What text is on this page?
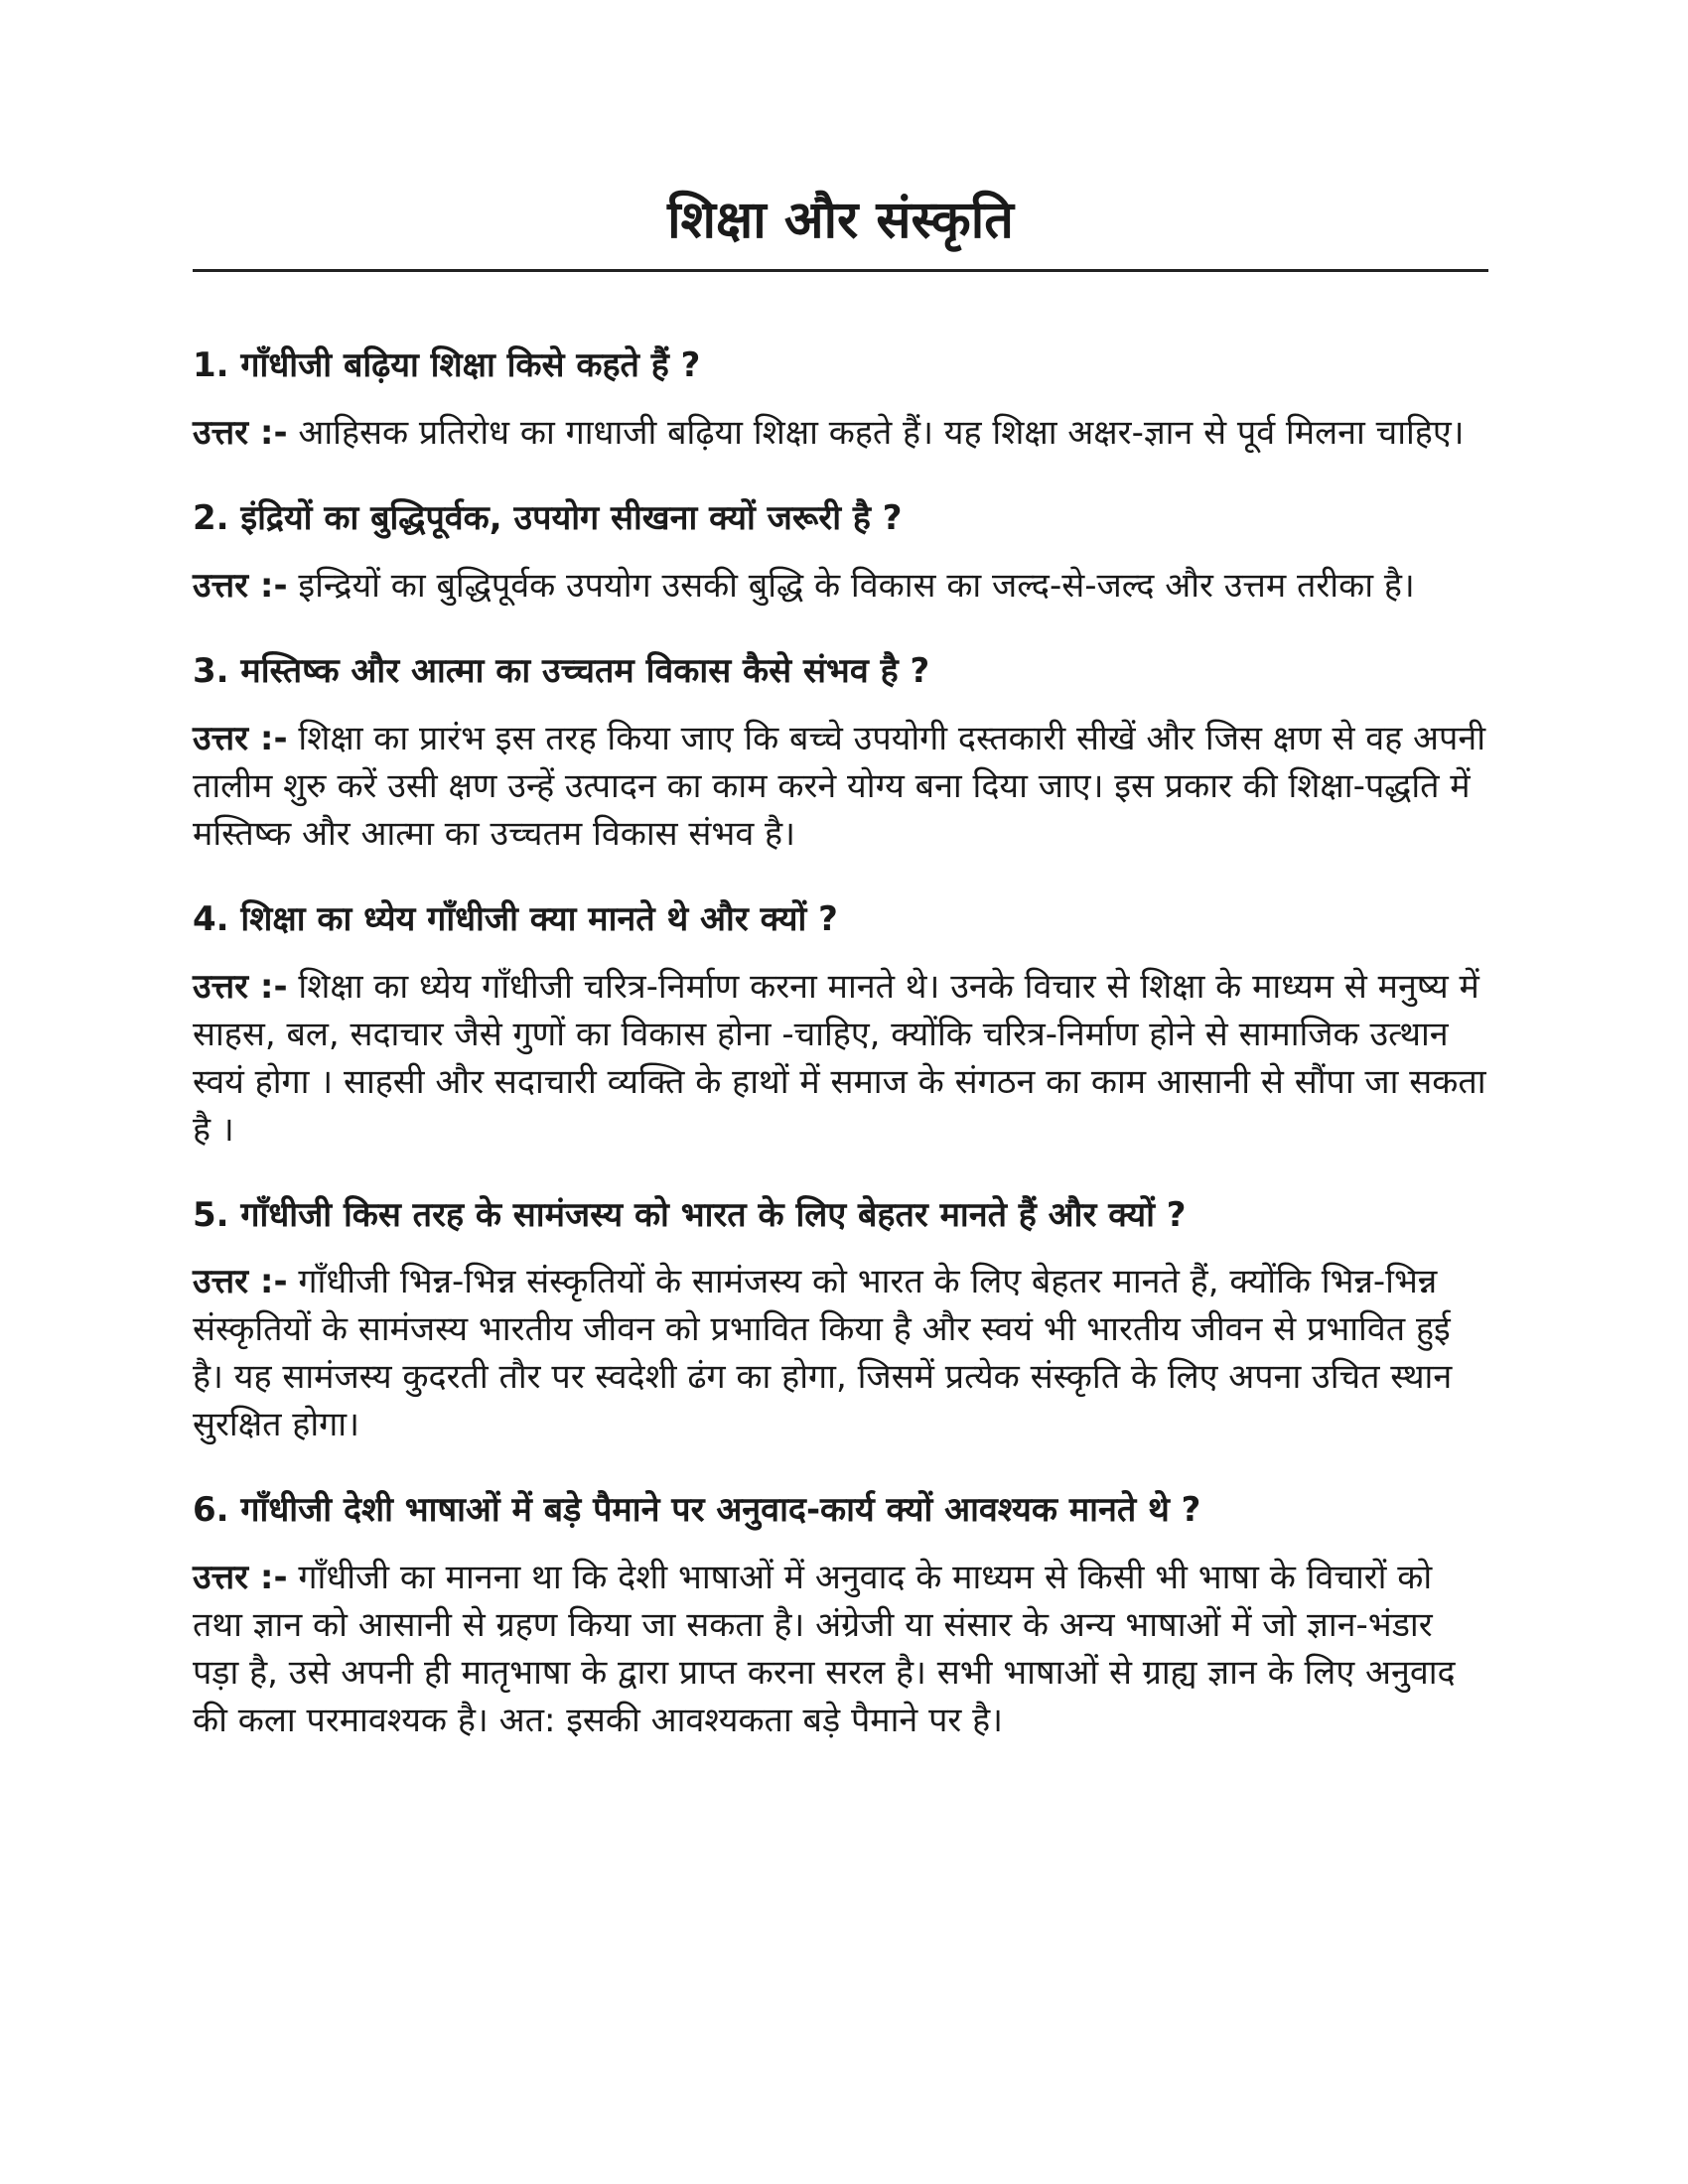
शिक्षा और संस्कृति

1. गाँधीजी बढ़िया शिक्षा किसे कहते हैं ?

उत्तर :- आहिसक प्रतिरोध का गाधाजी बढ़िया शिक्षा कहते हैं। यह शिक्षा अक्षर-ज्ञान से पूर्व मिलना चाहिए।

2. इंद्रियों का बुद्धिपूर्वक, उपयोग सीखना क्यों जरूरी है ?

उत्तर :- इन्द्रियों का बुद्धिपूर्वक उपयोग उसकी बुद्धि के विकास का जल्द-से-जल्द और उत्तम तरीका है।

3. मस्तिष्क और आत्मा का उच्चतम विकास कैसे संभव है ?

उत्तर :- शिक्षा का प्रारंभ इस तरह किया जाए कि बच्चे उपयोगी दस्तकारी सीखें और जिस क्षण से वह अपनी तालीम शुरु करें उसी क्षण उन्हें उत्पादन का काम करने योग्य बना दिया जाए। इस प्रकार की शिक्षा-पद्धति में मस्तिष्क और आत्मा का उच्चतम विकास संभव है।

4. शिक्षा का ध्येय गाँधीजी क्या मानते थे और क्यों ?

उत्तर :- शिक्षा का ध्येय गाँधीजी चरित्र-निर्माण करना मानते थे। उनके विचार से शिक्षा के माध्यम से मनुष्य में साहस, बल, सदाचार जैसे गुणों का विकास होना -चाहिए, क्योंकि चरित्र-निर्माण होने से सामाजिक उत्थान स्वयं होगा । साहसी और सदाचारी व्यक्ति के हाथों में समाज के संगठन का काम आसानी से सौंपा जा सकता है ।

5. गाँधीजी किस तरह के सामंजस्य को भारत के लिए बेहतर मानते हैं और क्यों ?

उत्तर :- गाँधीजी भिन्न-भिन्न संस्कृतियों के सामंजस्य को भारत के लिए बेहतर मानते हैं, क्योंकि भिन्न-भिन्न संस्कृतियों के सामंजस्य भारतीय जीवन को प्रभावित किया है और स्वयं भी भारतीय जीवन से प्रभावित हुई है। यह सामंजस्य कुदरती तौर पर स्वदेशी ढंग का होगा, जिसमें प्रत्येक संस्कृति के लिए अपना उचित स्थान सुरक्षित होगा।

6. गाँधीजी देशी भाषाओं में बड़े पैमाने पर अनुवाद-कार्य क्यों आवश्यक मानते थे ?

उत्तर :- गाँधीजी का मानना था कि देशी भाषाओं में अनुवाद के माध्यम से किसी भी भाषा के विचारों को तथा ज्ञान को आसानी से ग्रहण किया जा सकता है। अंग्रेजी या संसार के अन्य भाषाओं में जो ज्ञान-भंडार पड़ा है, उसे अपनी ही मातृभाषा के द्वारा प्राप्त करना सरल है। सभी भाषाओं से ग्राह्य ज्ञान के लिए अनुवाद की कला परमावश्यक है। अत: इसकी आवश्यकता बड़े पैमाने पर है।
